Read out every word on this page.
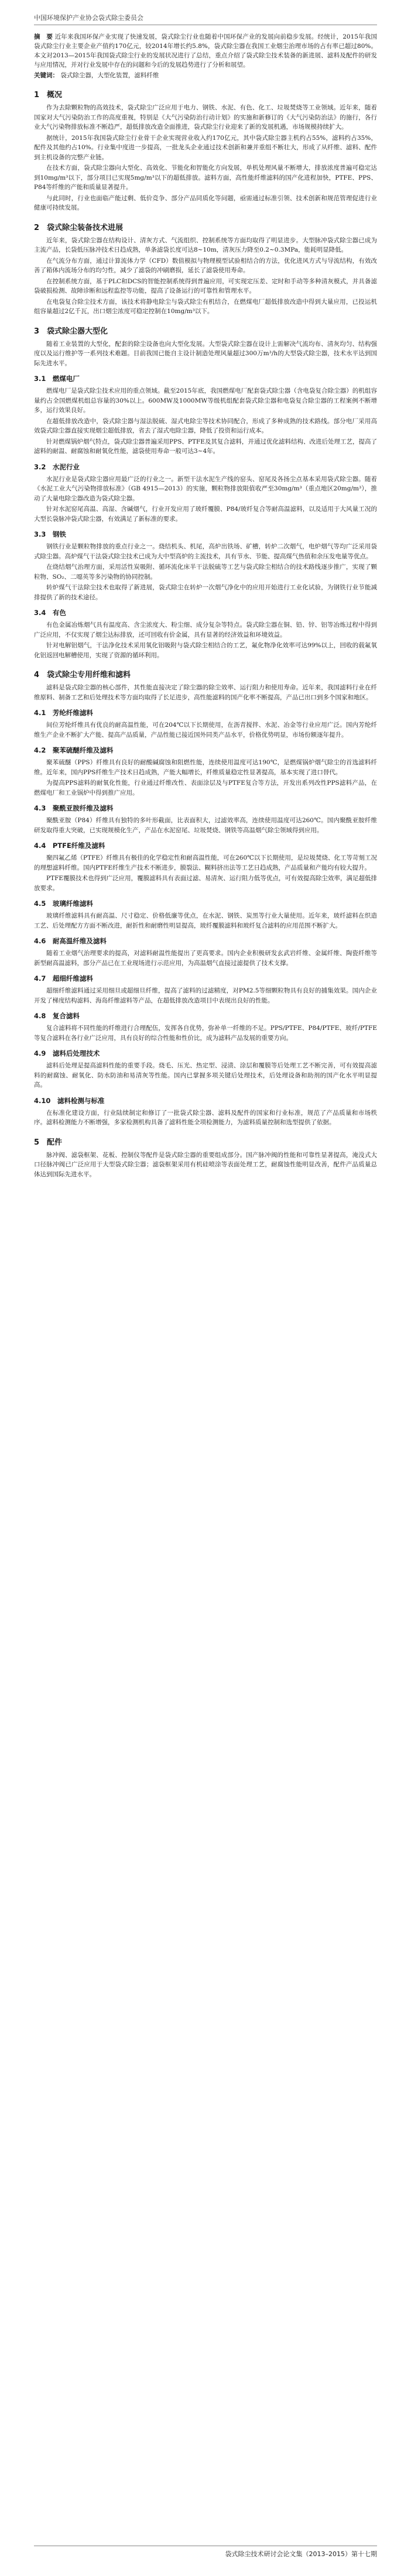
中国环境保护产业协会袋式除尘委员会
摘　要 近年来我国环保产业实现了快速发展，袋式除尘行业也随着中国环保产业的发展向前稳步发展。经统计，2015年我国袋式除尘行业主要企业产值约170亿元，较2014年增长约5.8%，袋式除尘器在我国工业烟尘治理市场的占有率已超过80%。本文对2013—2015年我国袋式除尘行业的发展状况进行了总结，重点介绍了袋式除尘技术装备的新进展、滤料及配件的研发与应用情况，并对行业发展中存在的问题和今后的发展趋势进行了分析和展望。
关键词： 袋式除尘器，大型化装置，滤料纤维
1　概况

作为去除颗粒物的高效技术，袋式除尘广泛应用于电力、钢铁、水泥、有色、化工、垃圾焚烧等工业领域。近年来，随着国家对大气污染防治工作的高度重视，特别是《大气污染防治行动计划》的实施和新修订的《大气污染防治法》的施行，各行业大气污染物排放标准不断趋严，超低排放改造全面推进，袋式除尘行业迎来了新的发展机遇，市场规模持续扩大。

据统计，2015年我国袋式除尘行业骨干企业实现营业收入约170亿元，其中袋式除尘器主机约占55%，滤料约占35%，配件及其他约占10%。行业集中度进一步提高，一批龙头企业通过技术创新和兼并重组不断壮大，形成了从纤维、滤料、配件到主机设备的完整产业链。

在技术方面，袋式除尘器向大型化、高效化、节能化和智能化方向发展，单机处理风量不断增大，排放浓度普遍可稳定达到10mg/m³以下，部分项目已实现5mg/m³以下的超低排放。滤料方面，高性能纤维滤料的国产化进程加快，PTFE、PPS、P84等纤维的产能和质量显著提升。

与此同时，行业也面临产能过剩、低价竞争、部分产品同质化等问题，亟需通过标准引领、技术创新和规范管理促进行业健康可持续发展。

2　袋式除尘装备技术进展

近年来，袋式除尘器在结构设计、清灰方式、气流组织、控制系统等方面均取得了明显进步。大型脉冲袋式除尘器已成为主流产品，长袋低压脉冲技术日趋成熟，单条滤袋长度可达8~10m，清灰压力降至0.2~0.3MPa，能耗明显降低。

在气流分布方面，通过计算流体力学（CFD）数值模拟与物理模型试验相结合的方法，优化进风方式与导流结构，有效改善了箱体内流场分布的均匀性，减少了滤袋的冲刷磨损，延长了滤袋使用寿命。

在控制系统方面，基于PLC和DCS的智能控制系统得到普遍应用，可实现定压差、定时和手动等多种清灰模式，并具备滤袋破损检测、故障诊断和远程监控等功能，提高了设备运行的可靠性和管理水平。

在电袋复合除尘技术方面，该技术将静电除尘与袋式除尘有机结合，在燃煤电厂超低排放改造中得到大量应用，已投运机组容量超过2亿千瓦，出口烟尘浓度可稳定控制在10mg/m³以下。

3　袋式除尘器大型化

随着工业装置的大型化，配套的除尘设备也向大型化发展。大型袋式除尘器在设计上需解决气流均布、清灰均匀、结构强度以及运行维护等一系列技术难题。目前我国已能自主设计制造处理风量超过300万m³/h的大型袋式除尘器，技术水平达到国际先进水平。

3.1　燃煤电厂

燃煤电厂是袋式除尘技术应用的重点领域。截至2015年底，我国燃煤电厂配套袋式除尘器（含电袋复合除尘器）的机组容量约占全国燃煤机组总容量的30%以上。600MW及1000MW等级机组配套袋式除尘器和电袋复合除尘器的工程案例不断增多，运行效果良好。

在超低排放改造中，袋式除尘器与湿法脱硫、湿式电除尘等技术协同配合，形成了多种成熟的技术路线。部分电厂采用高效袋式除尘器直接实现烟尘超低排放，省去了湿式电除尘器，降低了投资和运行成本。

针对燃煤锅炉烟气特点，袋式除尘器普遍采用PPS、PTFE及其复合滤料，并通过优化滤料结构、改进后处理工艺，提高了滤料的耐温、耐腐蚀和耐氧化性能，滤袋使用寿命一般可达3~4年。

3.2　水泥行业

水泥行业是袋式除尘器应用最广泛的行业之一。新型干法水泥生产线的窑头、窑尾及各扬尘点基本采用袋式除尘器。随着《水泥工业大气污染物排放标准》（GB 4915—2013）的实施，颗粒物排放限值收严至30mg/m³（重点地区20mg/m³），推动了大量电除尘器改造为袋式除尘器。

针对水泥窑尾高温、高湿、含碱烟气，行业开发应用了玻纤覆膜、P84/玻纤复合等耐高温滤料，以及适用于大风量工况的大型长袋脉冲袋式除尘器，有效满足了新标准的要求。

3.3　钢铁

钢铁行业是颗粒物排放的重点行业之一。烧结机头、机尾，高炉出铁场、矿槽，转炉二次烟气，电炉烟气等均广泛采用袋式除尘器。高炉煤气干法袋式除尘技术已成为大中型高炉的主流技术，具有节水、节能、提高煤气热值和余压发电量等优点。

在烧结烟气治理方面，采用活性炭吸附、循环流化床半干法脱硫等工艺与袋式除尘相结合的技术路线逐步推广，实现了颗粒物、SO₂、二噁英等多污染物的协同控制。

转炉煤气干法除尘技术也取得了新进展，袋式除尘在转炉一次烟气净化中的应用开始进行工业化试验，为钢铁行业节能减排提供了新的技术途径。

3.4　有色

有色金属冶炼烟气具有温度高、含尘浓度大、粉尘细、成分复杂等特点。袋式除尘器在铜、铅、锌、铝等冶炼过程中得到广泛应用，不仅实现了烟尘达标排放，还可回收有价金属，具有显著的经济效益和环境效益。

针对电解铝烟气，干法净化技术采用氧化铝吸附与袋式除尘相结合的工艺，氟化物净化效率可达99%以上，回收的载氟氧化铝返回电解槽使用，实现了资源的循环利用。

4　袋式除尘专用纤维和滤料

滤料是袋式除尘器的核心部件，其性能直接决定了除尘器的除尘效率、运行阻力和使用寿命。近年来，我国滤料行业在纤维原料、制备工艺和后处理技术等方面均取得了长足进步，高性能滤料的国产化率不断提高，产品已出口到多个国家和地区。

4.1　芳纶纤维滤料

间位芳纶纤维具有优良的耐高温性能，可在204℃以下长期使用，在沥青搅拌、水泥、冶金等行业应用广泛。国内芳纶纤维生产企业不断扩大产能、提高产品质量，产品性能已接近国外同类产品水平，价格优势明显，市场份额逐年提升。

4.2　聚苯硫醚纤维及滤料

聚苯硫醚（PPS）纤维具有良好的耐酸碱腐蚀和阻燃性能，连续使用温度可达190℃，是燃煤锅炉烟气除尘的首选滤料纤维。近年来，国内PPS纤维生产技术日趋成熟，产能大幅增长，纤维质量稳定性显著提高，基本实现了进口替代。

为提高PPS滤料的耐氧化性能，行业通过纤维改性、表面涂层及与PTFE复合等方法，开发出系列改性PPS滤料产品，在燃煤电厂和工业锅炉中得到推广应用。

4.3　聚酰亚胺纤维及滤料

聚酰亚胺（P84）纤维具有独特的多叶形截面，比表面积大，过滤效率高，连续使用温度可达260℃。国内聚酰亚胺纤维研发取得重大突破，已实现规模化生产，产品在水泥窑尾、垃圾焚烧、钢铁等高温烟气除尘领域得到应用。

4.4　PTFE纤维及滤料

聚四氟乙烯（PTFE）纤维具有极佳的化学稳定性和耐高温性能，可在260℃以下长期使用，是垃圾焚烧、化工等苛刻工况的理想滤料纤维。国内PTFE纤维生产技术不断进步，膜裂法、糊料挤出法等工艺日趋成熟，产品质量和产能均有较大提升。

PTFE覆膜技术也得到广泛应用，覆膜滤料具有表面过滤、易清灰、运行阻力低等优点，可有效提高除尘效率，满足超低排放要求。

4.5　玻璃纤维滤料

玻璃纤维滤料具有耐高温、尺寸稳定、价格低廉等优点，在水泥、钢铁、炭黑等行业大量使用。近年来，玻纤滤料在织造工艺、后处理配方方面不断改进，耐折性和耐磨性明显提高，玻纤覆膜滤料和玻纤复合滤料的应用范围不断扩大。

4.6　耐高温纤维及滤料

随着工业烟气治理要求的提高，对滤料耐温性能提出了更高要求。国内企业积极研发玄武岩纤维、金属纤维、陶瓷纤维等新型耐高温滤料，部分产品已在工业现场进行示范应用，为高温烟气直接过滤提供了技术支撑。

4.7　超细纤维滤料

超细纤维滤料通过采用细旦或超细旦纤维，提高了滤料的过滤精度，对PM2.5等细颗粒物具有良好的捕集效果。国内企业开发了梯度结构滤料、海岛纤维滤料等产品，在超低排放改造项目中表现出良好的性能。

4.8　复合滤料

复合滤料将不同性能的纤维进行合理配伍，发挥各自优势，弥补单一纤维的不足。PPS/PTFE、P84/PTFE、玻纤/PTFE等复合滤料在各行业广泛应用，具有良好的综合性能和性价比，成为滤料产品发展的重要方向。

4.9　滤料后处理技术

滤料后处理是提高滤料性能的重要手段。烧毛、压光、热定型、浸渍、涂层和覆膜等后处理工艺不断完善，可有效提高滤料的耐腐蚀、耐氧化、防水防油和易清灰等性能。国内已掌握多项关键后处理技术，后处理设备和助剂的国产化水平明显提高。

4.10　滤料检测与标准

在标准化建设方面，行业陆续制定和修订了一批袋式除尘器、滤料及配件的国家和行业标准，规范了产品质量和市场秩序。滤料检测能力不断增强，多家检测机构具备了滤料性能全项检测能力，为滤料质量控制和选型提供了依据。

5　配件

脉冲阀、滤袋框架、花板、控制仪等配件是袋式除尘器的重要组成部分。国产脉冲阀的性能和可靠性显著提高，淹没式大口径脉冲阀已广泛应用于大型袋式除尘器；滤袋框架采用有机硅喷涂等表面处理工艺，耐腐蚀性能明显改善，配件产品质量总体达到国际先进水平。

袋式除尘技术研讨会论文集（2013–2015）第十七期
